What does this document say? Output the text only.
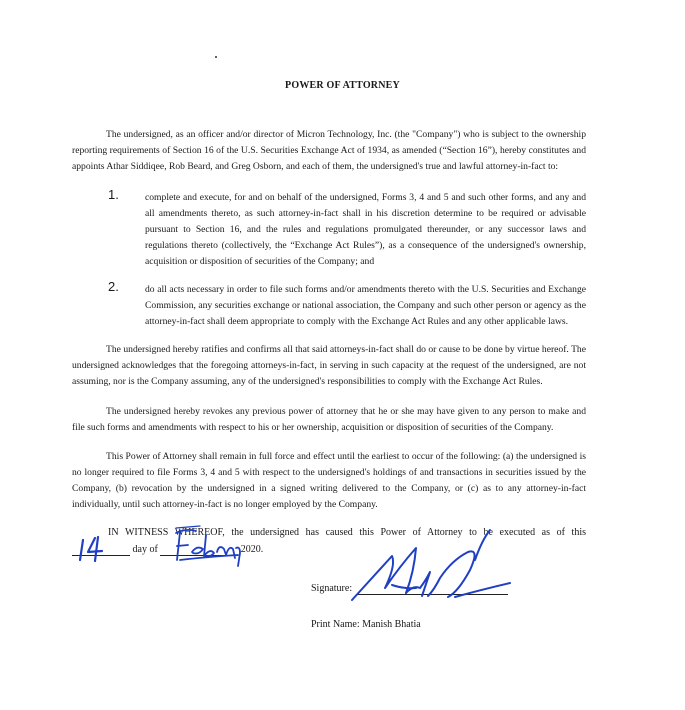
POWER OF ATTORNEY
The undersigned, as an officer and/or director of Micron Technology, Inc. (the "Company") who is subject to the ownership reporting requirements of Section 16 of the U.S. Securities Exchange Act of 1934, as amended (“Section 16”), hereby constitutes and appoints Athar Siddiqee, Rob Beard, and Greg Osborn, and each of them, the undersigned's true and lawful attorney-in-fact to:
1.	complete and execute, for and on behalf of the undersigned, Forms 3, 4 and 5 and such other forms, and any and all amendments thereto, as such attorney-in-fact shall in his discretion determine to be required or advisable pursuant to Section 16, and the rules and regulations promulgated thereunder, or any successor laws and regulations thereto (collectively, the “Exchange Act Rules”), as a consequence of the undersigned's ownership, acquisition or disposition of securities of the Company; and
2.	do all acts necessary in order to file such forms and/or amendments thereto with the U.S. Securities and Exchange Commission, any securities exchange or national association, the Company and such other person or agency as the attorney-in-fact shall deem appropriate to comply with the Exchange Act Rules and any other applicable laws.
The undersigned hereby ratifies and confirms all that said attorneys-in-fact shall do or cause to be done by virtue hereof. The undersigned acknowledges that the foregoing attorneys-in-fact, in serving in such capacity at the request of the undersigned, are not assuming, nor is the Company assuming, any of the undersigned's responsibilities to comply with the Exchange Act Rules.
The undersigned hereby revokes any previous power of attorney that he or she may have given to any person to make and file such forms and amendments with respect to his or her ownership, acquisition or disposition of securities of the Company.
This Power of Attorney shall remain in full force and effect until the earliest to occur of the following: (a) the undersigned is no longer required to file Forms 3, 4 and 5 with respect to the undersigned's holdings of and transactions in securities issued by the Company, (b) revocation by the undersigned in a signed writing delivered to the Company, or (c) as to any attorney-in-fact individually, until such attorney-in-fact is no longer employed by the Company.
IN WITNESS WHEREOF, the undersigned has caused this Power of Attorney to be executed as of this
day of	2020.
Signature:
Print Name: Manish Bhatia
